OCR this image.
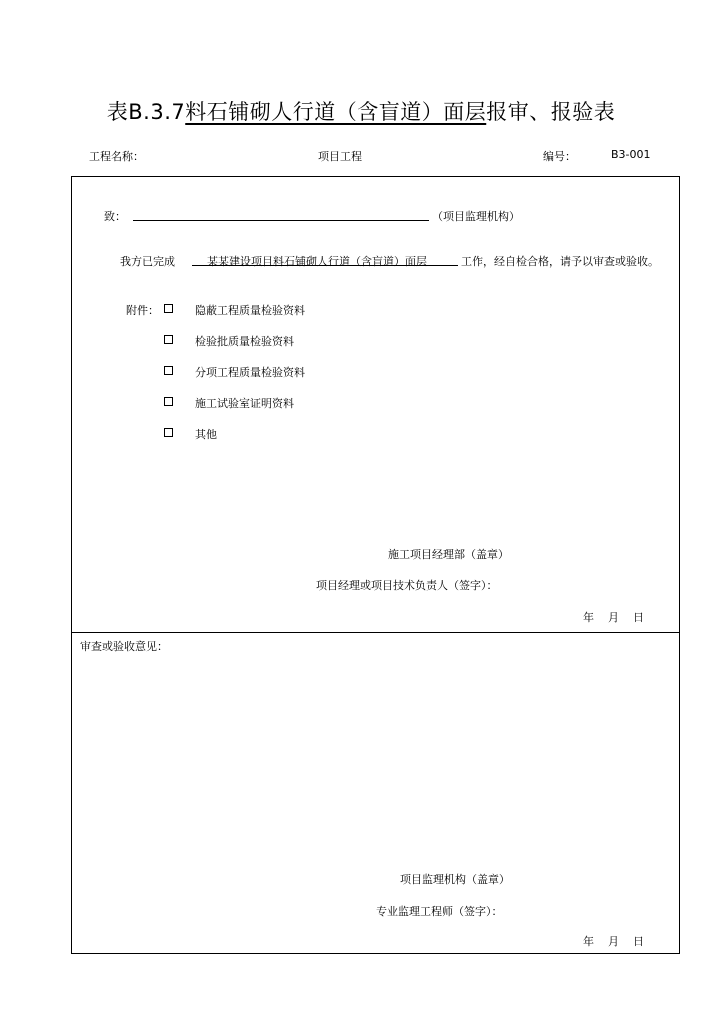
表B.3.7料石铺砌人行道（含盲道）面层报审、报验表
工程名称：	项目工程	编号：	B3-001
致：	（项目监理机构）
我方已完成	某某建设项目料石铺砌人行道（含盲道）面层	工作，经自检合格，请予以审查或验收。
附件：	隐蔽工程质量检验资料
检验批质量检验资料
分项工程质量检验资料
施工试验室证明资料
其他
施工项目经理部（盖章）
项目经理或项目技术负责人（签字）：
年    月    日
审查或验收意见：
项目监理机构（盖章）
专业监理工程师（签字）：
年    月    日
